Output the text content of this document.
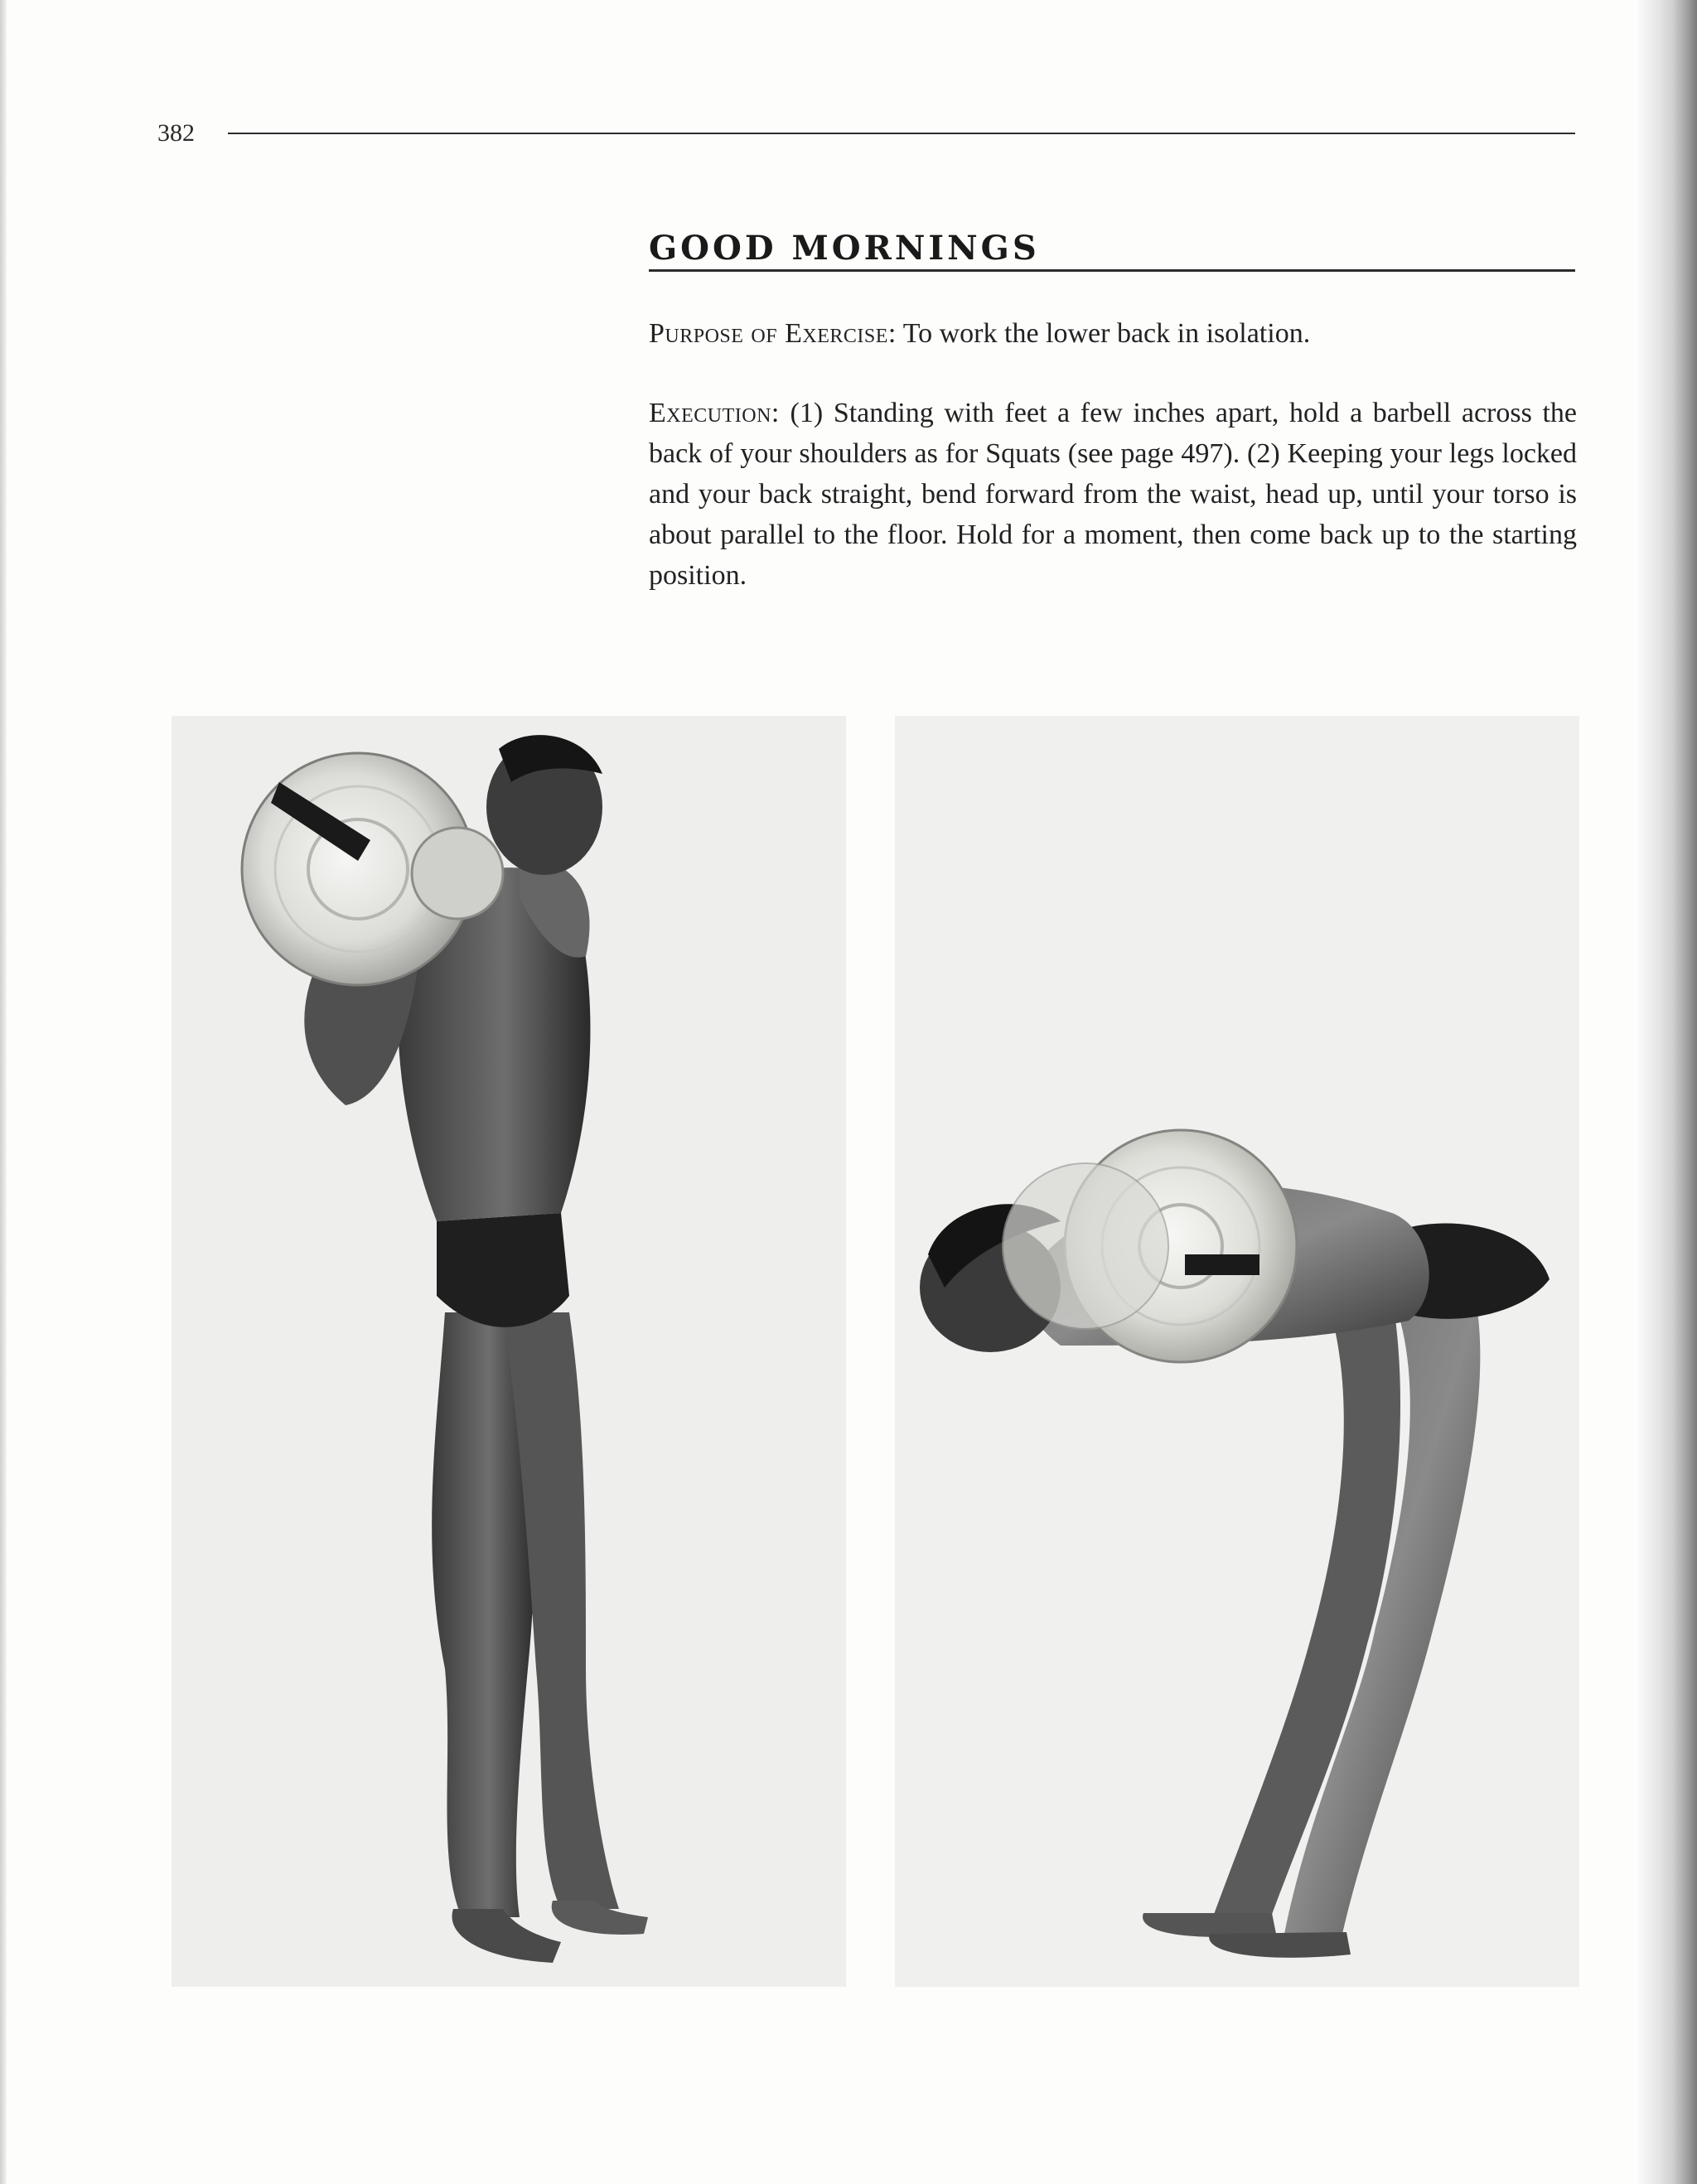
382
GOOD MORNINGS
Purpose of Exercise: To work the lower back in isolation.
Execution: (1) Standing with feet a few inches apart, hold a barbell across the back of your shoulders as for Squats (see page 497). (2) Keeping your legs locked and your back straight, bend forward from the waist, head up, until your torso is about parallel to the floor. Hold for a moment, then come back up to the starting position.
